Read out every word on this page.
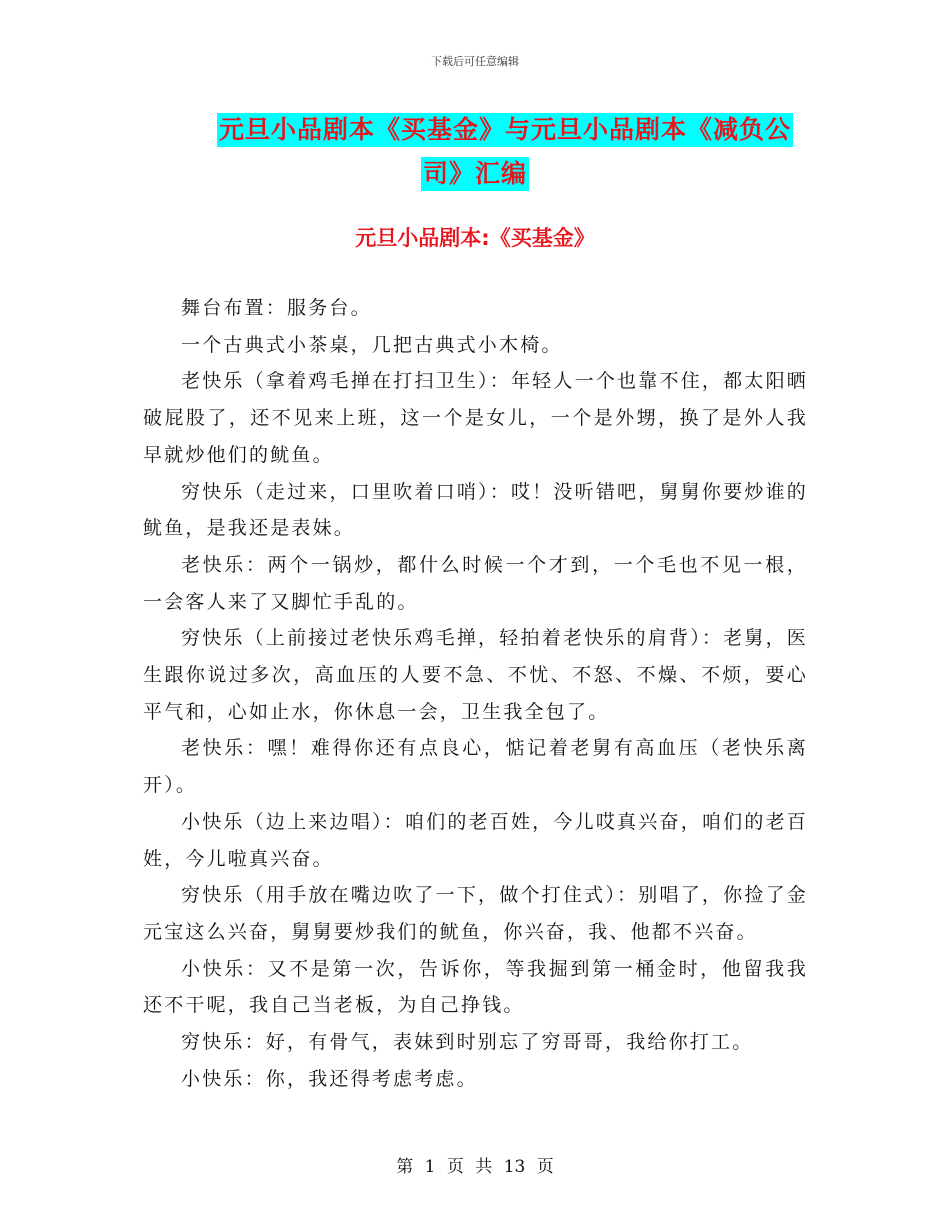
下载后可任意编辑
元旦小品剧本《买基金》与元旦小品剧本《减负公
司》汇编
元旦小品剧本:《买基金》

舞台布置：服务台。

一个古典式小茶桌，几把古典式小木椅。

老快乐（拿着鸡毛掸在打扫卫生）：年轻人一个也靠不住，都太阳晒破屁股了，还不见来上班，这一个是女儿，一个是外甥，换了是外人我早就炒他们的鱿鱼。

穷快乐（走过来，口里吹着口哨）：哎！没听错吧，舅舅你要炒谁的鱿鱼，是我还是表妹。

老快乐：两个一锅炒，都什么时候一个才到，一个毛也不见一根，一会客人来了又脚忙手乱的。

穷快乐（上前接过老快乐鸡毛掸，轻拍着老快乐的肩背）：老舅，医生跟你说过多次，高血压的人要不急、不忧、不怒、不燥、不烦，要心平气和，心如止水，你休息一会，卫生我全包了。

老快乐：嘿！难得你还有点良心，惦记着老舅有高血压（老快乐离开）。

小快乐（边上来边唱）：咱们的老百姓，今儿哎真兴奋，咱们的老百姓，今儿啦真兴奋。

穷快乐（用手放在嘴边吹了一下，做个打住式）：别唱了，你捡了金元宝这么兴奋，舅舅要炒我们的鱿鱼，你兴奋，我、他都不兴奋。

小快乐：又不是第一次，告诉你，等我掘到第一桶金时，他留我我还不干呢，我自己当老板，为自己挣钱。

穷快乐：好，有骨气，表妹到时别忘了穷哥哥，我给你打工。

小快乐：你，我还得考虑考虑。

第 1 页 共 13 页
